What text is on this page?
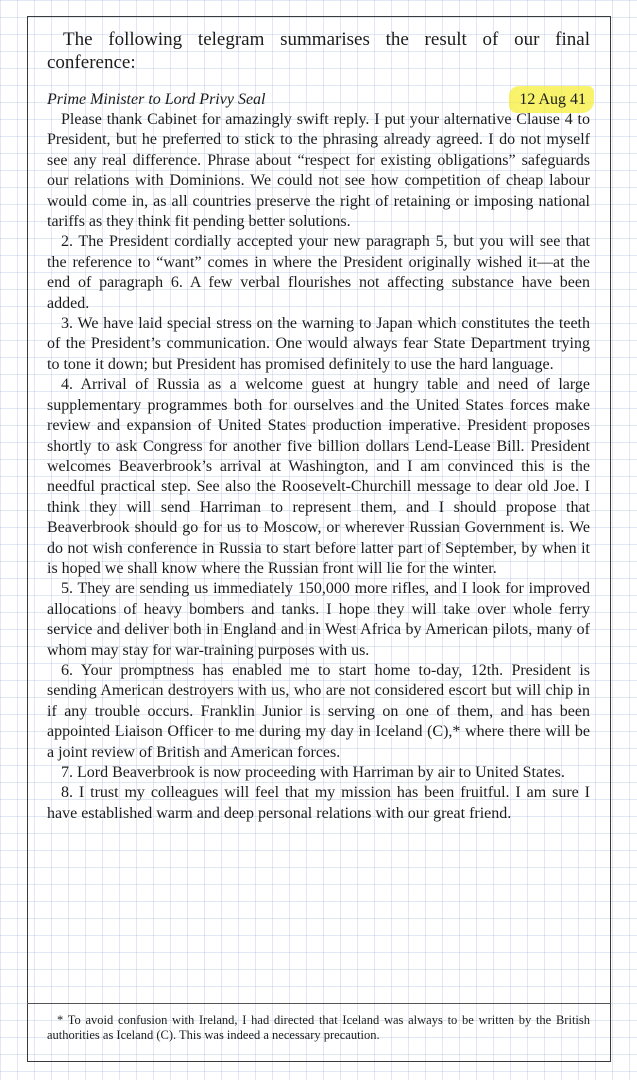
The following telegram summarises the result of our final conference:

Prime Minister to Lord Privy Seal	12 Aug 41

Please thank Cabinet for amazingly swift reply. I put your alternative Clause 4 to President, but he preferred to stick to the phrasing already agreed. I do not myself see any real difference. Phrase about “respect for existing obligations” safeguards our relations with Dominions. We could not see how competition of cheap labour would come in, as all countries preserve the right of retaining or imposing national tariffs as they think fit pending better solutions.

2. The President cordially accepted your new paragraph 5, but you will see that the reference to “want” comes in where the President originally wished it—at the end of paragraph 6. A few verbal flourishes not affecting substance have been added.

3. We have laid special stress on the warning to Japan which constitutes the teeth of the President’s communication. One would always fear State Department trying to tone it down; but President has promised definitely to use the hard language.

4. Arrival of Russia as a welcome guest at hungry table and need of large supplementary programmes both for ourselves and the United States forces make review and expansion of United States production imperative. President proposes shortly to ask Congress for another five billion dollars Lend-Lease Bill. President welcomes Beaverbrook’s arrival at Washington, and I am convinced this is the needful practical step. See also the Roosevelt-Churchill message to dear old Joe. I think they will send Harriman to represent them, and I should propose that Beaverbrook should go for us to Moscow, or wherever Russian Government is. We do not wish conference in Russia to start before latter part of September, by when it is hoped we shall know where the Russian front will lie for the winter.

5. They are sending us immediately 150,000 more rifles, and I look for improved allocations of heavy bombers and tanks. I hope they will take over whole ferry service and deliver both in England and in West Africa by American pilots, many of whom may stay for war-training purposes with us.

6. Your promptness has enabled me to start home to-day, 12th. President is sending American destroyers with us, who are not considered escort but will chip in if any trouble occurs. Franklin Junior is serving on one of them, and has been appointed Liaison Officer to me during my day in Iceland (C),* where there will be a joint review of British and American forces.

7. Lord Beaverbrook is now proceeding with Harriman by air to United States.

8. I trust my colleagues will feel that my mission has been fruitful. I am sure I have established warm and deep personal relations with our great friend.

* To avoid confusion with Ireland, I had directed that Iceland was always to be written by the British authorities as Iceland (C). This was indeed a necessary precaution.
